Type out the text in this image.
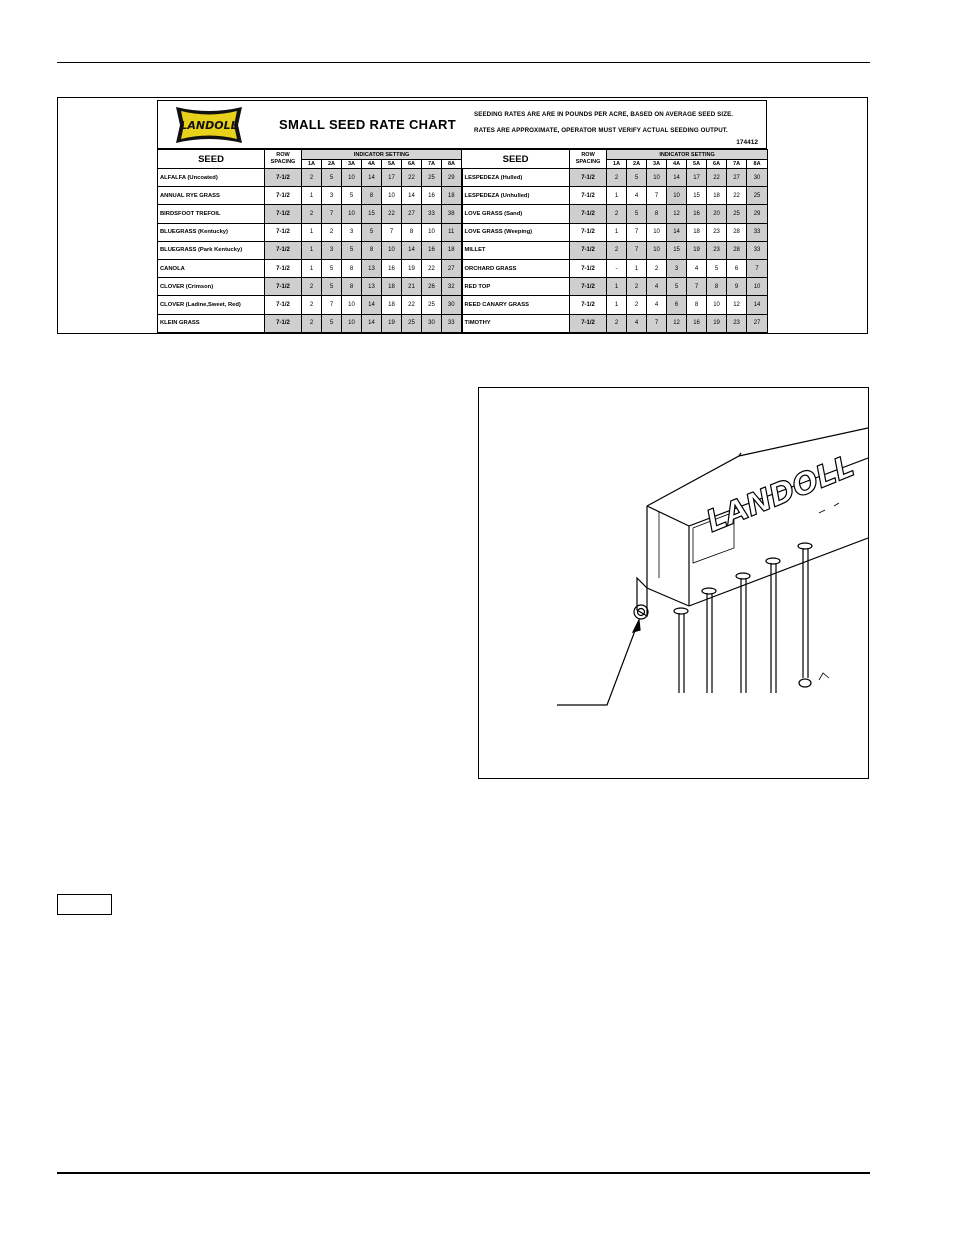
LANDOLL	SMALL SEED RATE CHART
SEEDING RATES ARE ARE IN POUNDS PER ACRE, BASED ON AVERAGE SEED SIZE.
RATES ARE APPROXIMATE, OPERATOR MUST VERIFY ACTUAL SEEDING OUTPUT.
174412
SEED	ROW
SPACING	INDICATOR SETTING								SEED	ROW
SPACING	INDICATOR SETTING							
		1A	2A	3A	4A	5A	6A	7A	8A			1A	2A	3A	4A	5A	6A	7A	8A
ALFALFA (Uncoated)	7-1/2	2	5	10	14	17	22	25	29	LESPEDEZA (Hulled)	7-1/2	2	5	10	14	17	22	27	30
ANNUAL RYE GRASS	7-1/2	1	3	5	8	10	14	16	18	LESPEDEZA (Unhulled)	7-1/2	1	4	7	10	15	18	22	25
BIRDSFOOT TREFOIL	7-1/2	2	7	10	15	22	27	33	38	LOVE GRASS (Sand)	7-1/2	2	5	8	12	16	20	25	29
BLUEGRASS (Kentucky)	7-1/2	1	2	3	5	7	8	10	11	LOVE GRASS (Weeping)	7-1/2	1	7	10	14	18	23	28	33
BLUEGRASS (Park Kentucky)	7-1/2	1	3	5	8	10	14	16	18	MILLET	7-1/2	2	7	10	15	19	23	28	33
CANOLA	7-1/2	1	5	8	13	16	19	22	27	ORCHARD GRASS	7-1/2	-	1	2	3	4	5	6	7
CLOVER (Crimson)	7-1/2	2	5	8	13	18	21	26	32	RED TOP	7-1/2	1	2	4	5	7	8	9	10
CLOVER (Ladine,Sweet, Red)	7-1/2	2	7	10	14	18	22	25	30	REED CANARY GRASS	7-1/2	1	2	4	6	8	10	12	14
KLEIN GRASS	7-1/2	2	5	10	14	19	25	30	33	TIMOTHY	7-1/2	2	4	7	12	16	19	23	27
LANDOLL
